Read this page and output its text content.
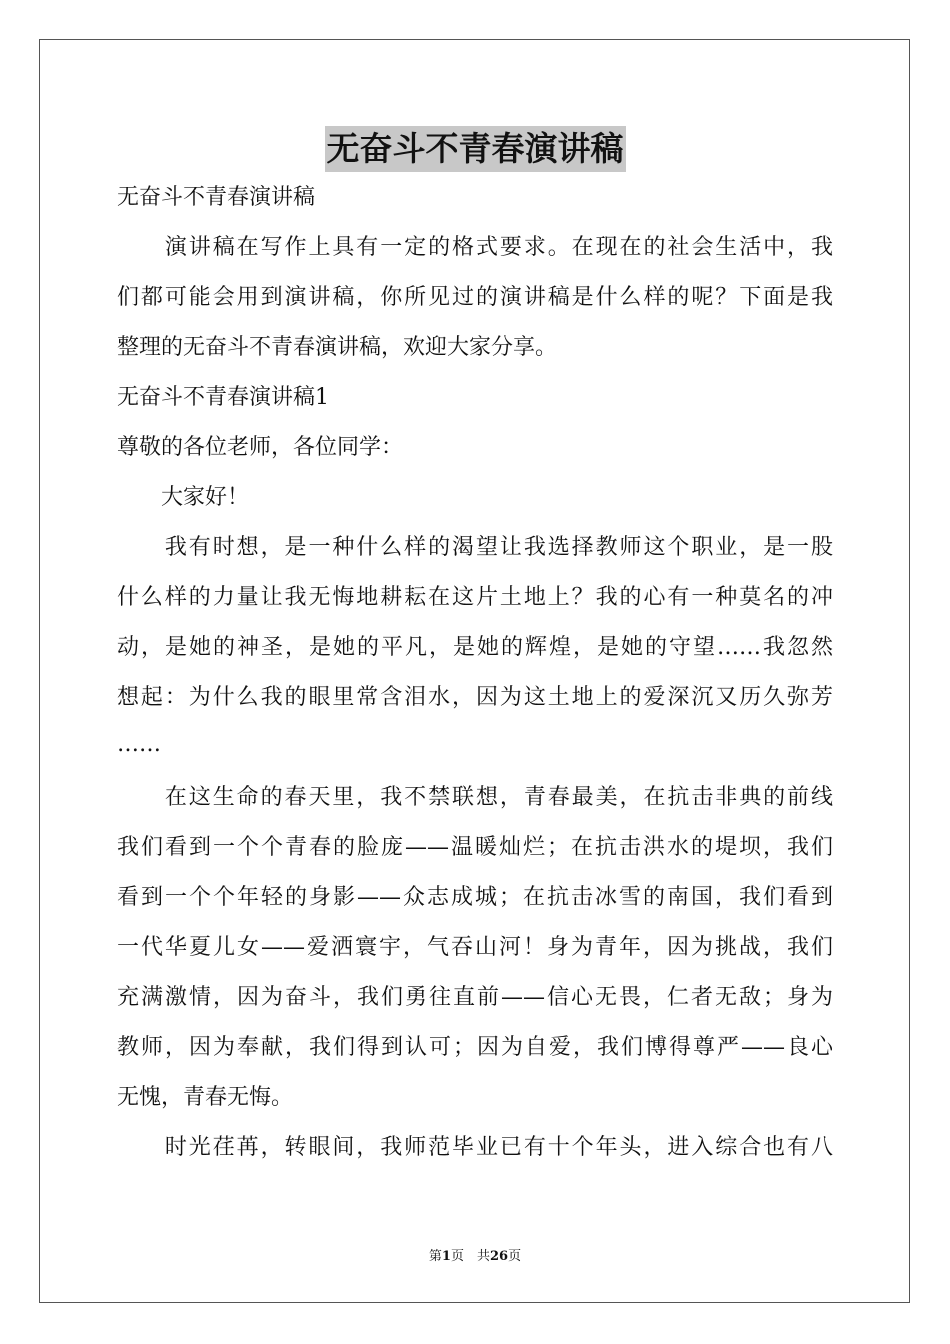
无奋斗不青春演讲稿
无奋斗不青春演讲稿
　　演讲稿在写作上具有一定的格式要求。在现在的社会生活中，我
们都可能会用到演讲稿，你所见过的演讲稿是什么样的呢？下面是我
整理的无奋斗不青春演讲稿，欢迎大家分享。
无奋斗不青春演讲稿1
尊敬的各位老师，各位同学：
　　大家好！
　　我有时想，是一种什么样的渴望让我选择教师这个职业，是一股
什么样的力量让我无悔地耕耘在这片土地上？我的心有一种莫名的冲
动，是她的神圣，是她的平凡，是她的辉煌，是她的守望……我忽然
想起：为什么我的眼里常含泪水，因为这土地上的爱深沉又历久弥芳
……
　　在这生命的春天里，我不禁联想，青春最美，在抗击非典的前线
我们看到一个个青春的脸庞——温暖灿烂；在抗击洪水的堤坝，我们
看到一个个年轻的身影——众志成城；在抗击冰雪的南国，我们看到
一代华夏儿女——爱洒寰宇，气吞山河！身为青年，因为挑战，我们
充满激情，因为奋斗，我们勇往直前——信心无畏，仁者无敌；身为
教师，因为奉献，我们得到认可；因为自爱，我们博得尊严——良心
无愧，青春无悔。
　　时光荏苒，转眼间，我师范毕业已有十个年头，进入综合也有八
第1页　共26页
